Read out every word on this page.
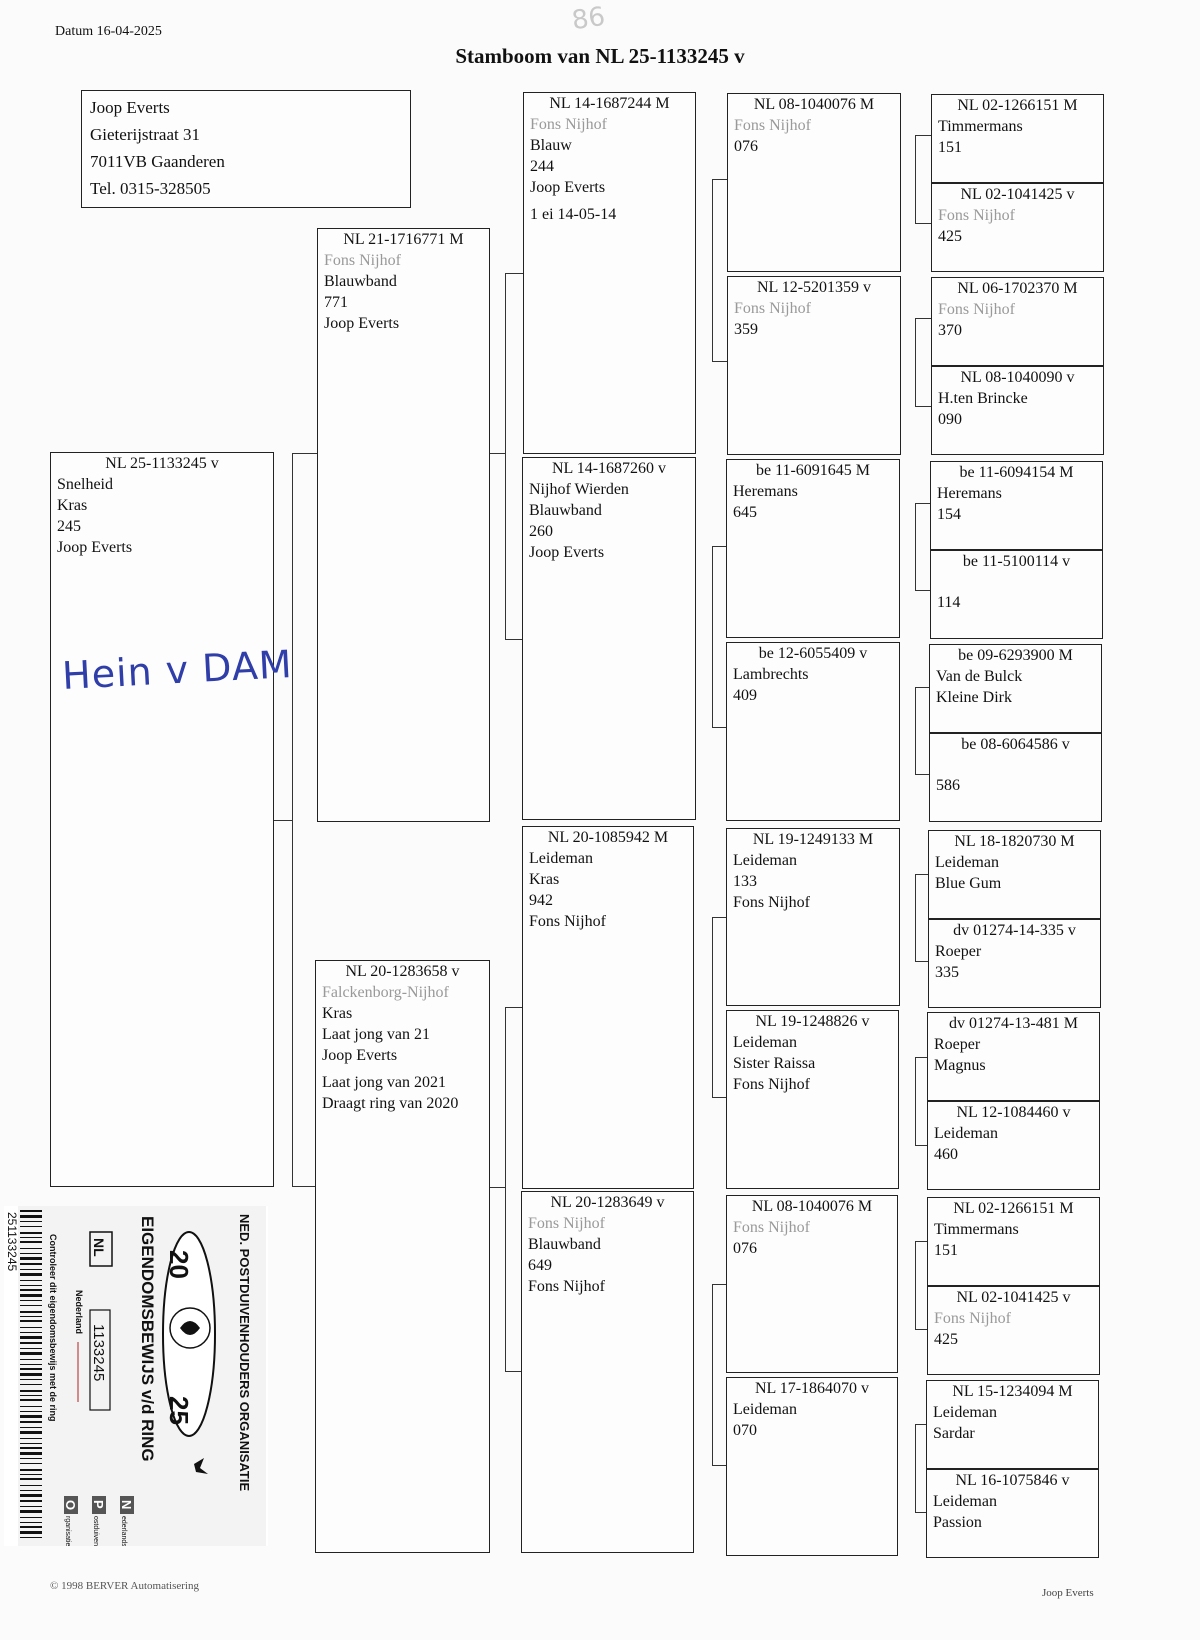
Datum 16-04-2025	86
Stamboom van NL 25-1133245 v
Joop Everts
Gieterijstraat 31
7011VB Gaanderen
Tel. 0315-328505
NL 25-1133245 v
Snelheid
Kras
245
Joop Everts
Hein v DAM
NL 21-1716771 M
Fons Nijhof
Blauwband
771
Joop Everts
NL 20-1283658 v
Falckenborg-Nijhof
Kras
Laat jong van 21
Joop Everts
Laat jong van 2021
Draagt ring van 2020
NL 14-1687244 M
Fons Nijhof
Blauw
244
Joop Everts
1 ei 14-05-14
NL 14-1687260 v
Nijhof Wierden
Blauwband
260
Joop Everts
NL 20-1085942 M
Leideman
Kras
942
Fons Nijhof
NL 20-1283649 v
Fons Nijhof
Blauwband
649
Fons Nijhof
NL 08-1040076 M
Fons Nijhof
076
NL 12-5201359 v
Fons Nijhof
359
be 11-6091645 M
Heremans
645
be 12-6055409 v
Lambrechts
409
NL 19-1249133 M
Leideman
133
Fons Nijhof
NL 19-1248826 v
Leideman
Sister Raissa
Fons Nijhof
NL 08-1040076 M
Fons Nijhof
076
NL 17-1864070 v
Leideman
070
NL 02-1266151 M
Timmermans
151
NL 02-1041425 v
Fons Nijhof
425
NL 06-1702370 M
Fons Nijhof
370
NL 08-1040090 v
H.ten Brincke
090
be 11-6094154 M
Heremans
154
be 11-5100114 v
114
be 09-6293900 M
Van de Bulck
Kleine Dirk
be 08-6064586 v
586
NL 18-1820730 M
Leideman
Blue Gum
dv 01274-14-335 v
Roeper
335
dv 01274-13-481 M
Roeper
Magnus
NL 12-1084460 v
Leideman
460
NL 02-1266151 M
Timmermans
151
NL 02-1041425 v
Fons Nijhof
425
NL 15-1234094 M
Leideman
Sardar
NL 16-1075846 v
Leideman
Passion
251133245	Controleer dit eigendomsbewijs met de ring NL
Nederland
1133245 EIGENDOMSBEWIJS v/d RING	NED. POSTDUIVENHOUDERS ORGANISATIE
20
25
O P N
rganisatie	ostduivenhouders	ederlandse
© 1998 BERVER Automatisering
Joop Everts
